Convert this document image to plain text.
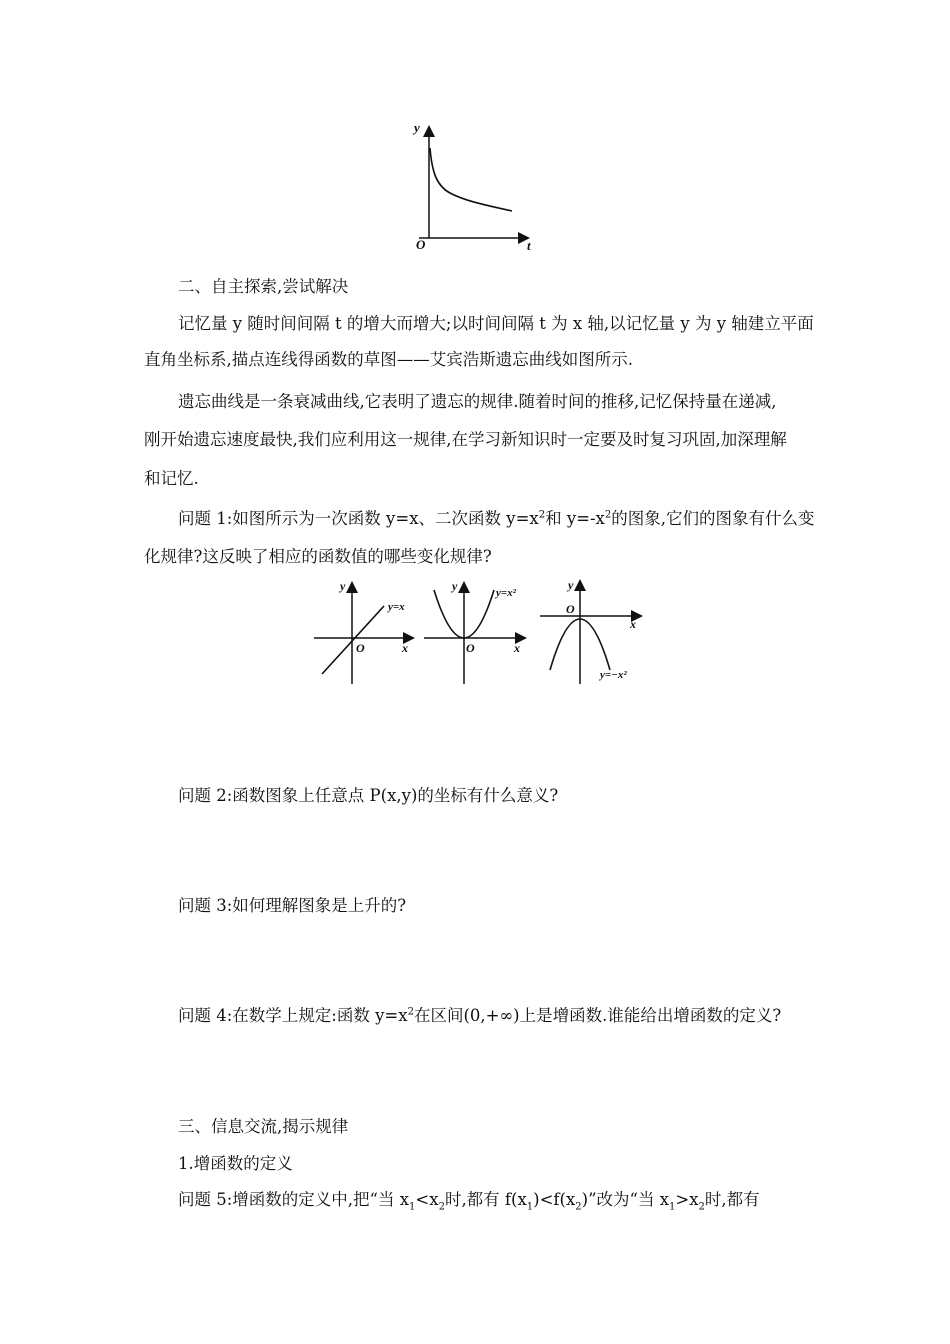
y
t
O
二、自主探索,尝试解决
记忆量 y 随时间间隔 t 的增大而增大;以时间间隔 t 为 x 轴,以记忆量 y 为 y 轴建立平面
直角坐标系,描点连线得函数的草图——艾宾浩斯遗忘曲线如图所示.
遗忘曲线是一条衰减曲线,它表明了遗忘的规律.随着时间的推移,记忆保持量在递减,
刚开始遗忘速度最快,我们应利用这一规律,在学习新知识时一定要及时复习巩固,加深理解
和记忆.
问题 1:如图所示为一次函数 y=x、二次函数 $y=x^2$和 $y=-x^2$的图象,它们的图象有什么变
化规律?这反映了相应的函数值的哪些变化规律?
y
x
O
y=x
y
x
O
y=x²
y
x
O
y=−x²
问题 2:函数图象上任意点 P(x,y)的坐标有什么意义?
问题 3:如何理解图象是上升的?
问题 4:在数学上规定:函数 $y=x^2$在区间(0,+∞)上是增函数.谁能给出增函数的定义?
三、信息交流,揭示规律
1.增函数的定义
问题 5:增函数的定义中,把“当 $x_1<x_2$时,都有 $f(x_1)<f(x_2)$”改为“当 $x_1>x_2$时,都有
